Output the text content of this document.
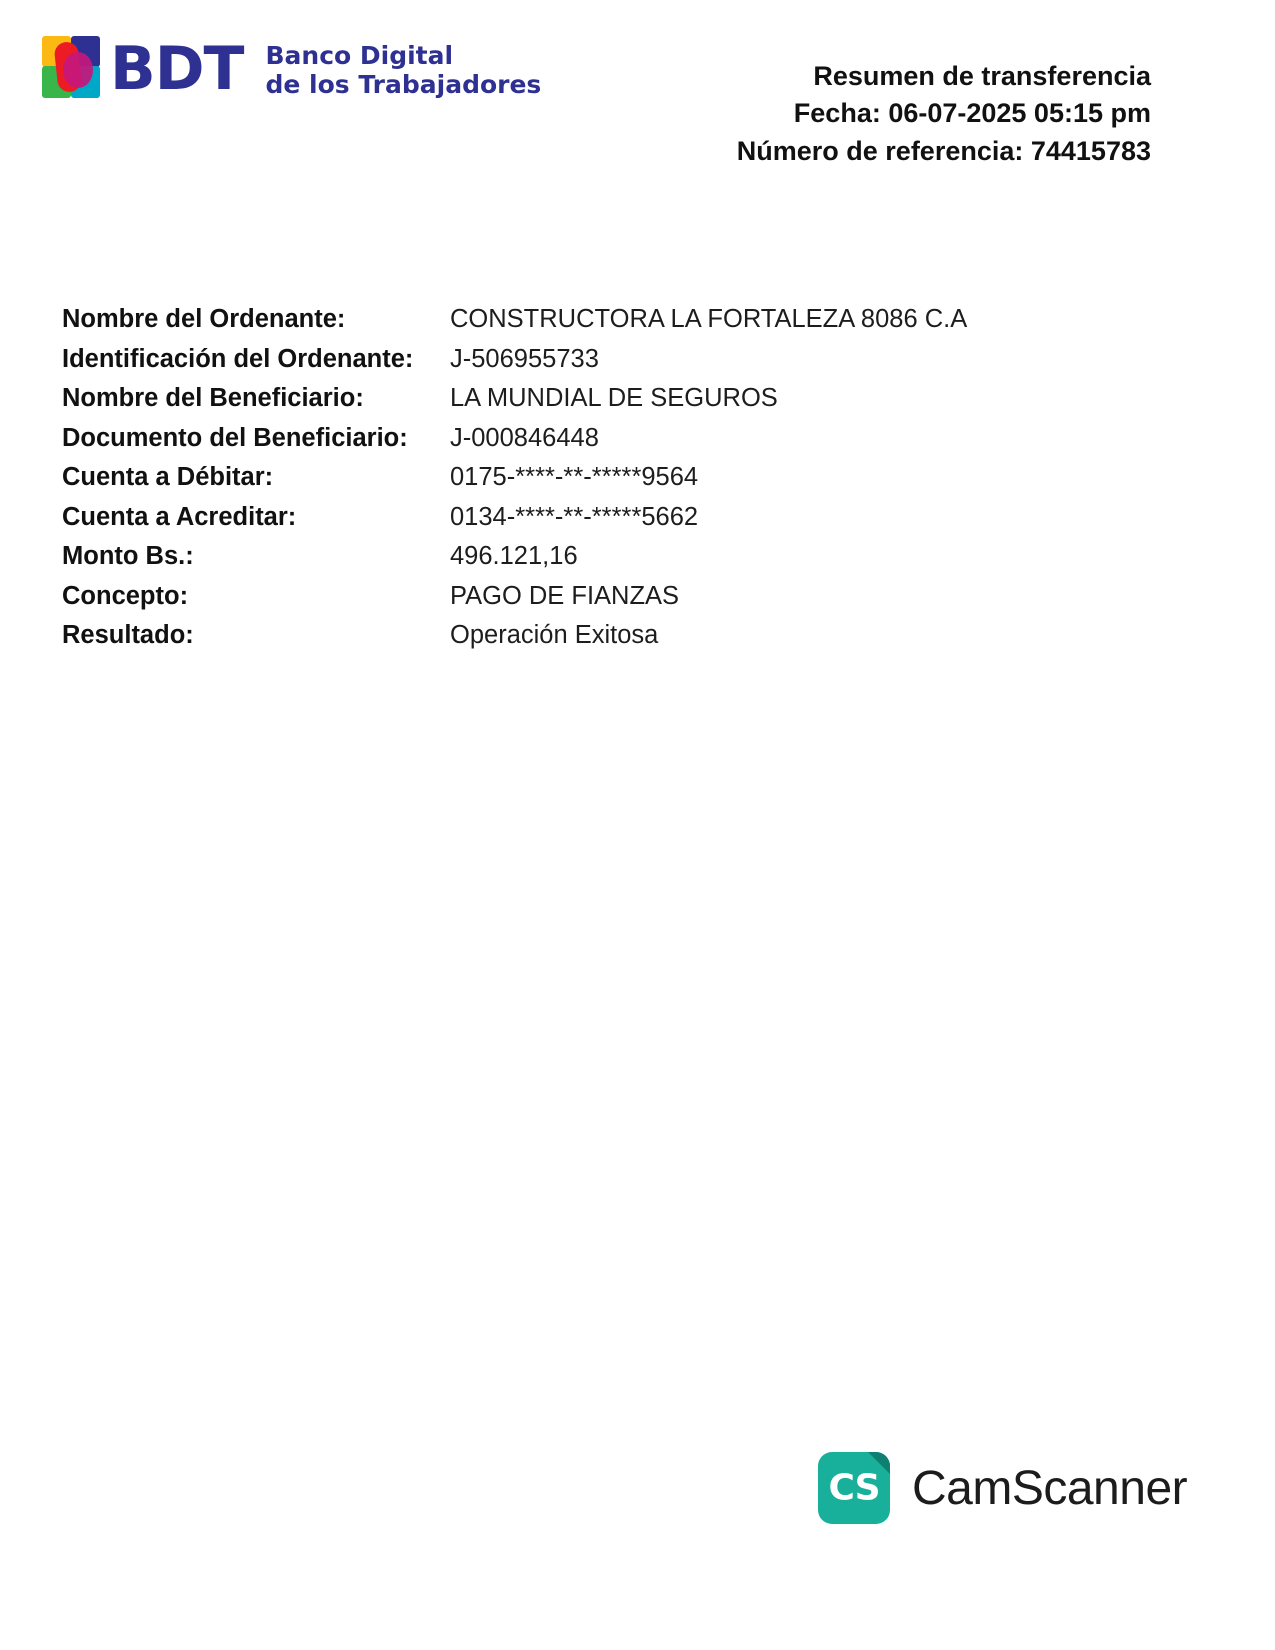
BDT Banco Digital
de los Trabajadores	Resumen de transferencia
Fecha: 06-07-2025 05:15 pm
Número de referencia: 74415783
Nombre del Ordenante:	CONSTRUCTORA LA FORTALEZA 8086 C.A
Identificación del Ordenante:	J-506955733
Nombre del Beneficiario:	LA MUNDIAL DE SEGUROS
Documento del Beneficiario:	J-000846448
Cuenta a Débitar:	0175-****-**-*****9564
Cuenta a Acreditar:	0134-****-**-*****5662
Monto Bs.:	496.121,16
Concepto:	PAGO DE FIANZAS
Resultado:	Operación Exitosa
CS CamScanner
